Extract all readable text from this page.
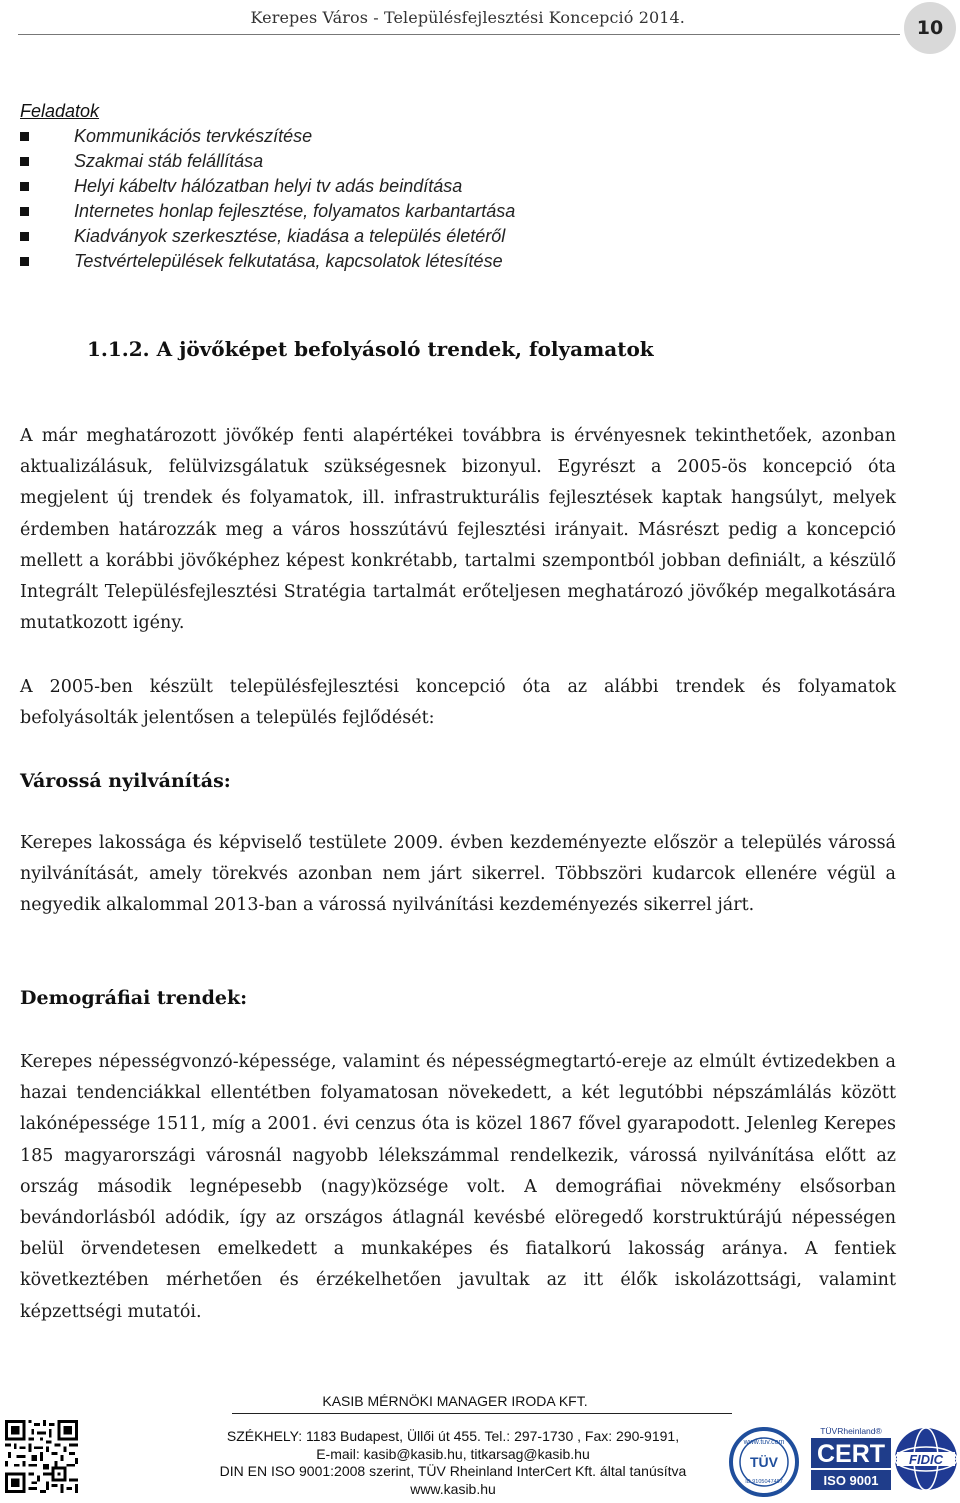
Kerepes Város - Településfejlesztési Koncepció 2014.	10
Feladatok
Kommunikációs tervkészítése
Szakmai stáb felállítása
Helyi kábeltv hálózatban helyi tv adás beindítása
Internetes honlap fejlesztése, folyamatos karbantartása
Kiadványok szerkesztése, kiadása a település életéről
Testvértelepülések felkutatása, kapcsolatok létesítése
1.1.2. A jövőképet befolyásoló trendek, folyamatok

A már meghatározott jövőkép fenti alapértékei továbbra is érvényesnek tekinthetőek, azonban aktualizálásuk, felülvizsgálatuk szükségesnek bizonyul. Egyrészt a 2005-ös koncepció óta megjelent új trendek és folyamatok, ill. infrastrukturális fejlesztések kaptak hangsúlyt, melyek érdemben határozzák meg a város hosszútávú fejlesztési irányait. Másrészt pedig a koncepció mellett a korábbi jövőképhez képest konkrétabb, tartalmi szempontból jobban definiált, a készülő Integrált Településfejlesztési Stratégia tartalmát erőteljesen meghatározó jövőkép megalkotására mutatkozott igény.

A 2005-ben készült településfejlesztési koncepció óta az alábbi trendek és folyamatok befolyásolták jelentősen a település fejlődését:

Várossá nyilvánítás:

Kerepes lakossága és képviselő testülete 2009. évben kezdeményezte először a település várossá nyilvánítását, amely törekvés azonban nem járt sikerrel. Többszöri kudarcok ellenére végül a negyedik alkalommal 2013-ban a várossá nyilvánítási kezdeményezés sikerrel járt.

Demográfiai trendek:

Kerepes népességvonzó-képessége, valamint és népességmegtartó-ereje az elmúlt évtizedekben a hazai tendenciákkal ellentétben folyamatosan növekedett, a két legutóbbi népszámlálás között lakónépessége 1511, míg a 2001. évi cenzus óta is közel 1867 fővel gyarapodott. Jelenleg Kerepes 185 magyarországi városnál nagyobb lélekszámmal rendelkezik, várossá nyilvánítása előtt az ország második legnépesebb (nagy)községe volt. A demográfiai növekmény elsősorban bevándorlásból adódik, így az országos átlagnál kevésbé elöregedő korstruktúrájú népességen belül örvendetesen emelkedett a munkaképes és fiatalkorú lakosság aránya. A fentiek következtében mérhetően és érzékelhetően javultak az itt élők iskolázottsági, valamint képzettségi mutatói.

KASIB MÉRNÖKI MANAGER IRODA KFT.
SZÉKHELY: 1183 Budapest, Üllői út 455. Tel.: 297-1730 , Fax: 290-9191,
E-mail: kasib@kasib.hu, titkarsag@kasib.hu
DIN EN ISO 9001:2008 szerint, TÜV Rheinland InterCert Kft. által tanúsítva
www.kasib.hu
www.tuv.com
TÜV
ID 9105047497
TÜVRheinland®
CERT
ISO 9001
FIDIC
